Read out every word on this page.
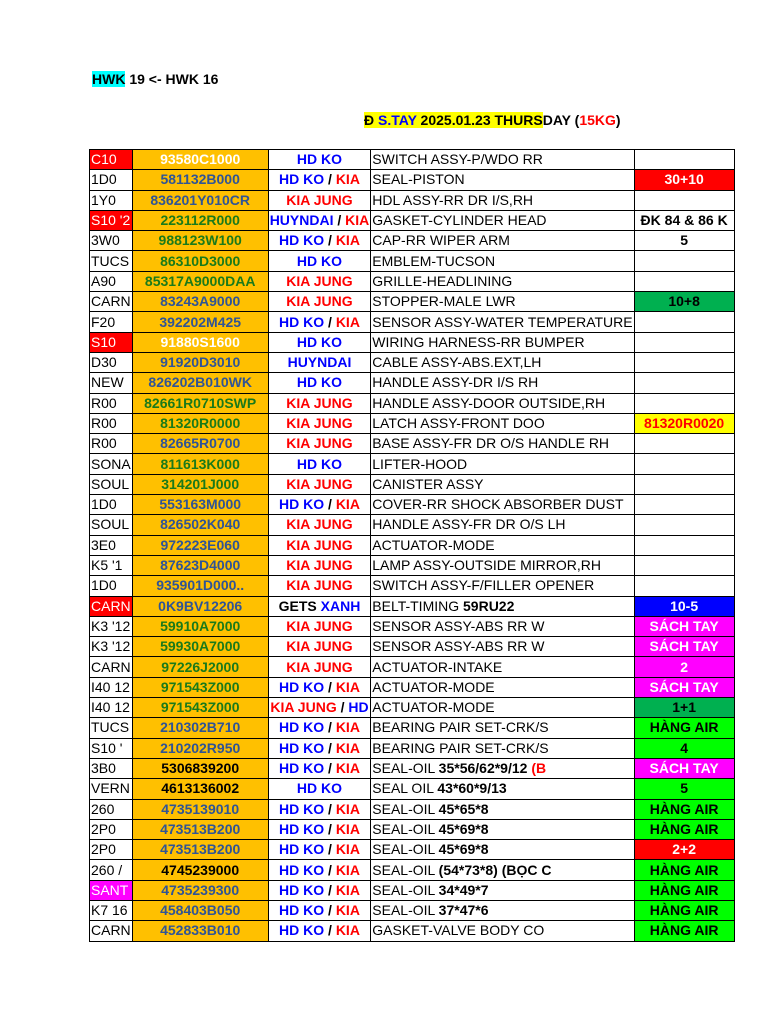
HWK 19 <- HWK 16
Đ S.TAY 2025.01.23 THURSDAY (15KG)
C10	93580C1000	HD KO	SWITCH ASSY-P/WDO RR	
1D0	581132B000	HD KO / KIA	SEAL-PISTON	30+10
1Y0	836201Y010CR	KIA JUNG	HDL ASSY-RR DR I/S,RH	
S10 '2	223112R000	HUYNDAI / KIA	GASKET-CYLINDER HEAD	ĐK 84 & 86 K
3W0	988123W100	HD KO / KIA	CAP-RR WIPER ARM	5
TUCS	86310D3000	HD KO	EMBLEM-TUCSON	
A90	85317A9000DAA	KIA JUNG	GRILLE-HEADLINING	
CARN	83243A9000	KIA JUNG	STOPPER-MALE LWR	10+8
F20	392202M425	HD KO / KIA	SENSOR ASSY-WATER TEMPERATURE	
S10	91880S1600	HD KO	WIRING HARNESS-RR BUMPER	
D30	91920D3010	HUYNDAI	CABLE ASSY-ABS.EXT,LH	
NEW	826202B010WK	HD KO	HANDLE ASSY-DR I/S RH	
R00	82661R0710SWP	KIA JUNG	HANDLE ASSY-DOOR OUTSIDE,RH	
R00	81320R0000	KIA JUNG	LATCH ASSY-FRONT DOO	81320R0020
R00	82665R0700	KIA JUNG	BASE ASSY-FR DR O/S HANDLE RH	
SONA	811613K000	HD KO	LIFTER-HOOD	
SOUL	314201J000	KIA JUNG	CANISTER ASSY	
1D0	553163M000	HD KO / KIA	COVER-RR SHOCK ABSORBER DUST	
SOUL	826502K040	KIA JUNG	HANDLE ASSY-FR DR O/S LH	
3E0	972223E060	KIA JUNG	ACTUATOR-MODE	
K5 '1	87623D4000	KIA JUNG	LAMP ASSY-OUTSIDE MIRROR,RH	
1D0	935901D000..	KIA JUNG	SWITCH ASSY-F/FILLER OPENER	
CARN	0K9BV12206	GETS XANH	BELT-TIMING 59RU22	10-5
K3 '12	59910A7000	KIA JUNG	SENSOR ASSY-ABS RR W	SÁCH TAY
K3 '12	59930A7000	KIA JUNG	SENSOR ASSY-ABS RR W	SÁCH TAY
CARN	97226J2000	KIA JUNG	ACTUATOR-INTAKE	2
I40 12	971543Z000	HD KO / KIA	ACTUATOR-MODE	SÁCH TAY
I40 12	971543Z000	KIA JUNG / HD	ACTUATOR-MODE	1+1
TUCS	210302B710	HD KO / KIA	BEARING PAIR SET-CRK/S	HÀNG AIR
S10 '	210202R950	HD KO / KIA	BEARING PAIR SET-CRK/S	4
3B0	5306839200	HD KO / KIA	SEAL-OIL 35*56/62*9/12 (B	SÁCH TAY
VERN	4613136002	HD KO	SEAL OIL 43*60*9/13	5
260	4735139010	HD KO / KIA	SEAL-OIL 45*65*8	HÀNG AIR
2P0	473513B200	HD KO / KIA	SEAL-OIL 45*69*8	HÀNG AIR
2P0	473513B200	HD KO / KIA	SEAL-OIL 45*69*8	2+2
260 /	4745239000	HD KO / KIA	SEAL-OIL (54*73*8) (BỌC C	HÀNG AIR
SANT	4735239300	HD KO / KIA	SEAL-OIL 34*49*7	HÀNG AIR
K7 16	458403B050	HD KO / KIA	SEAL-OIL 37*47*6	HÀNG AIR
CARN	452833B010	HD KO / KIA	GASKET-VALVE BODY CO	HÀNG AIR
